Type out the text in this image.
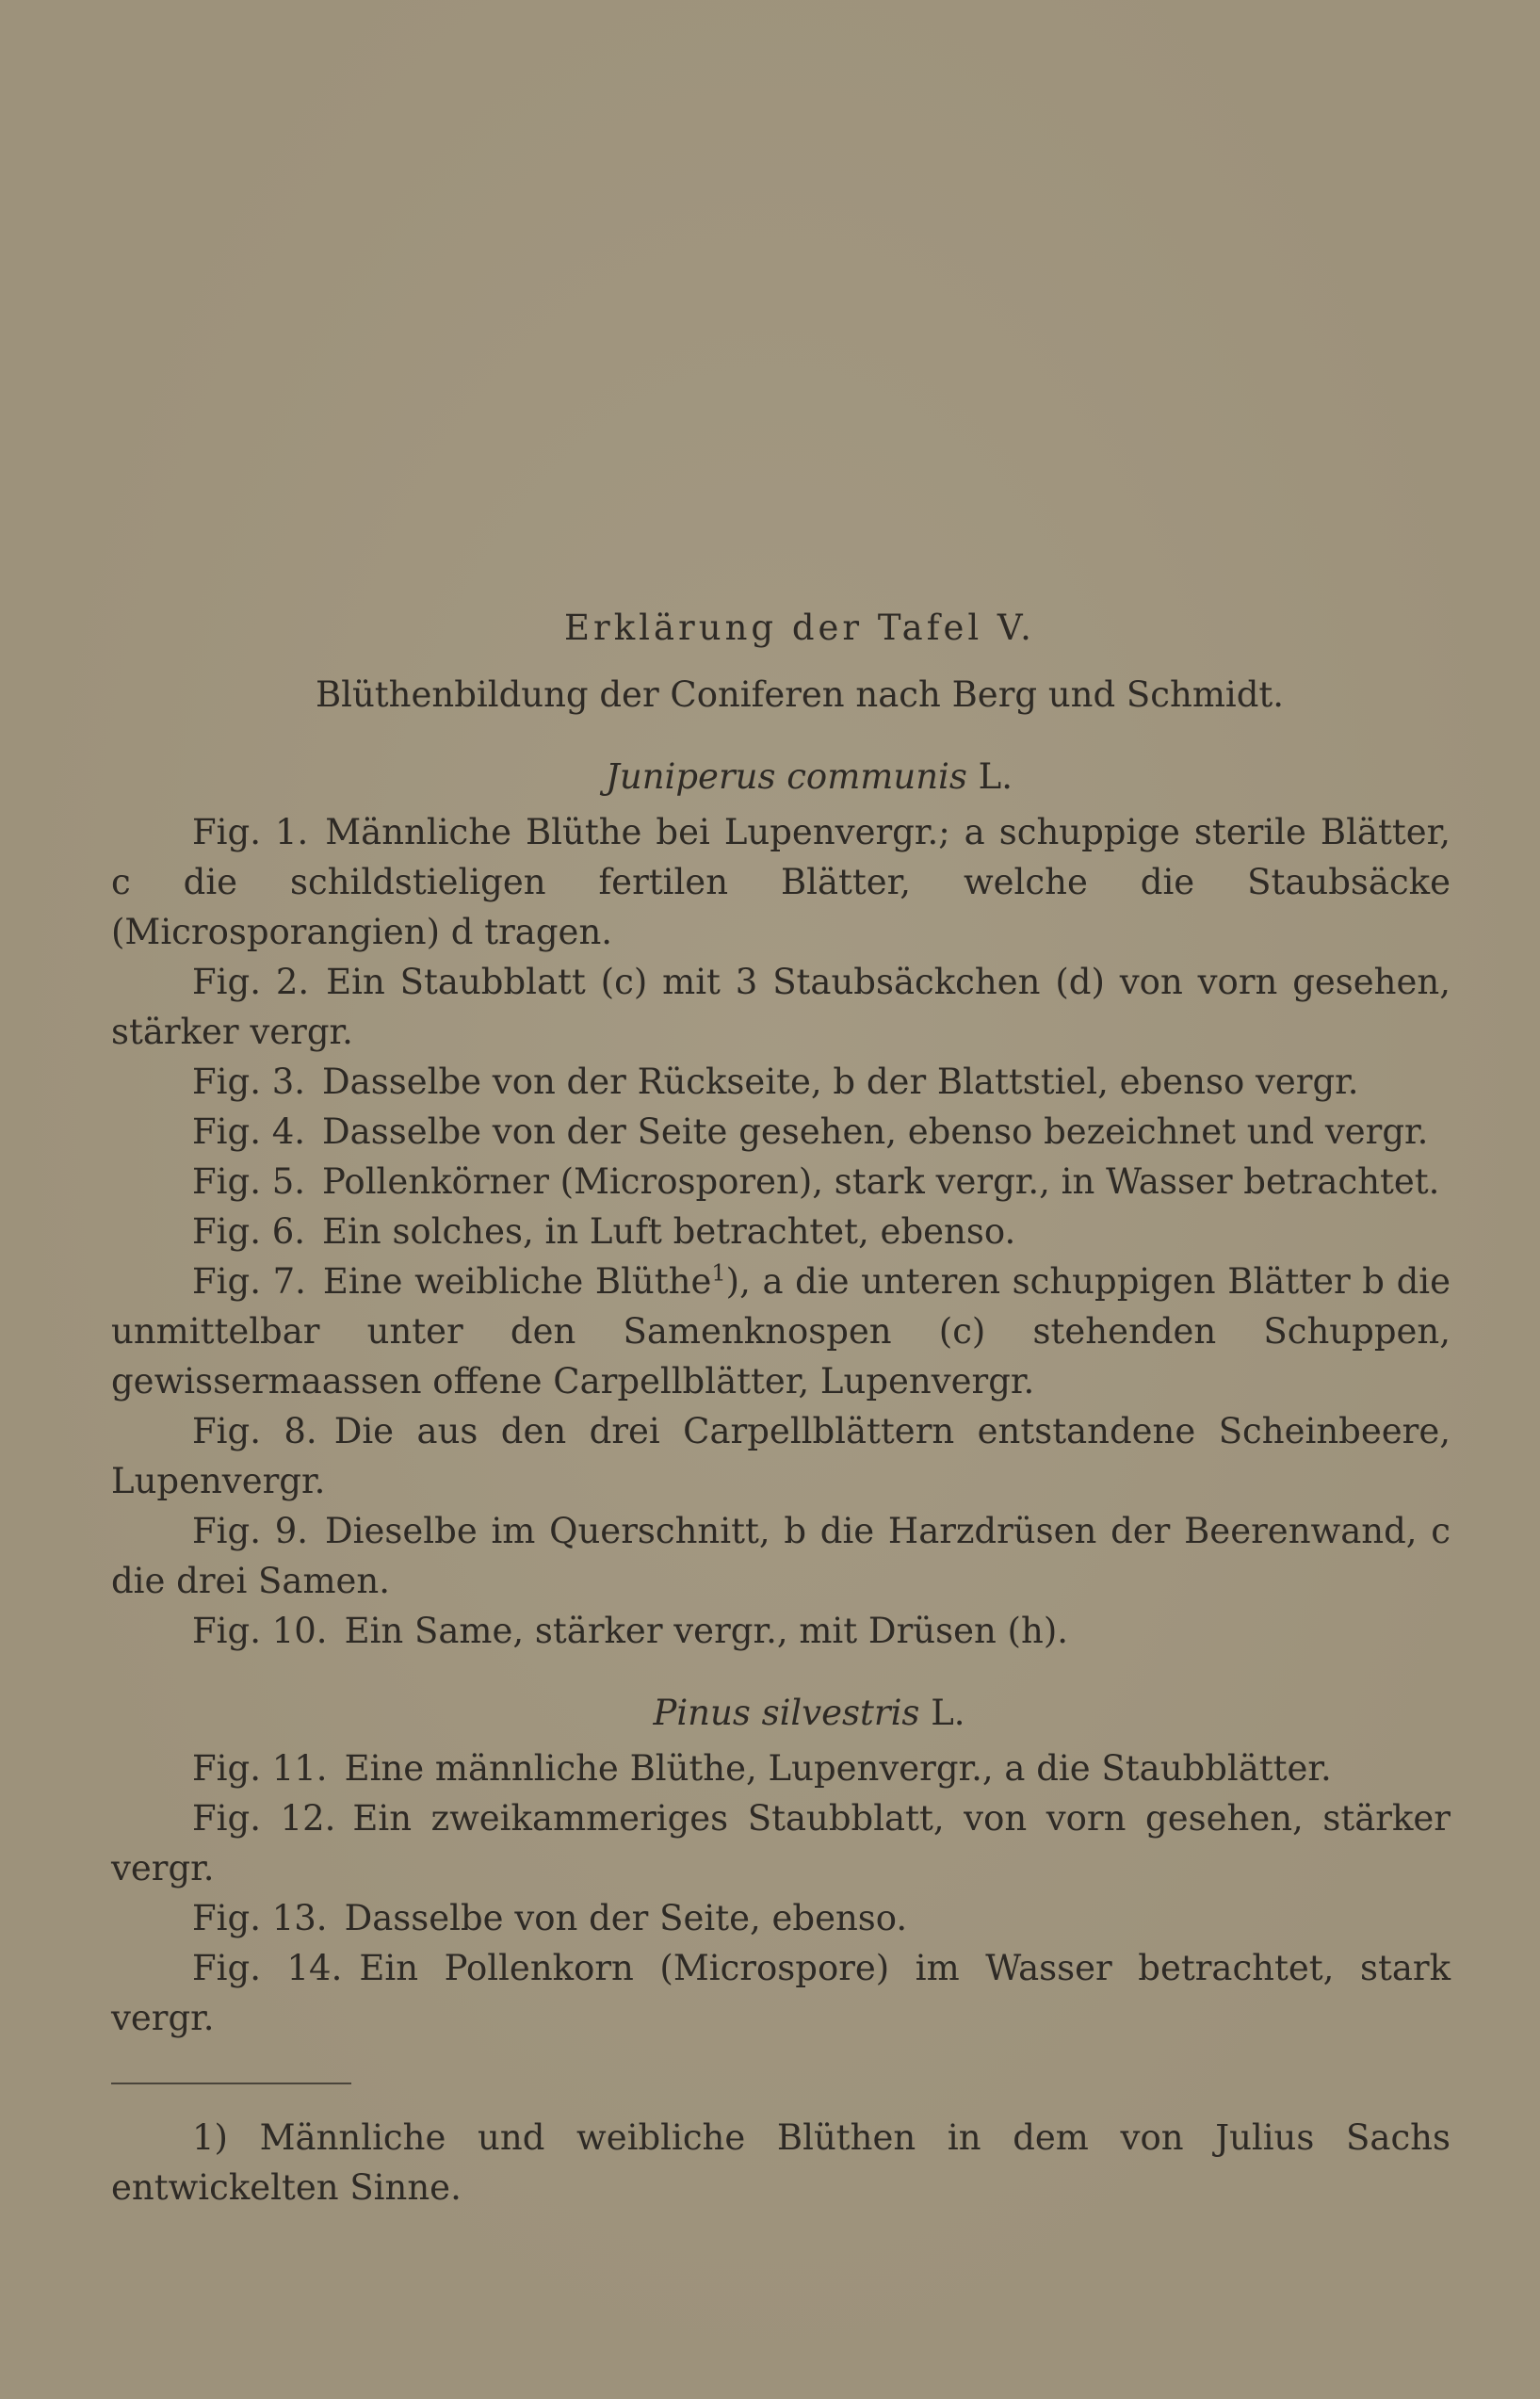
Erklärung der Tafel V.
Blüthenbildung der Coniferen nach Berg und Schmidt.
Juniperus communis L.

Fig. 1. Männliche Blüthe bei Lupenvergr.; a schuppige sterile Blätter, c die schildstieligen fertilen Blätter, welche die Staubsäcke (Microsporangien) d tragen.

Fig. 2. Ein Staubblatt (c) mit 3 Staubsäckchen (d) von vorn gesehen, stärker vergr.

Fig. 3. Dasselbe von der Rückseite, b der Blattstiel, ebenso vergr.

Fig. 4. Dasselbe von der Seite gesehen, ebenso bezeichnet und vergr.

Fig. 5. Pollenkörner (Microsporen), stark vergr., in Wasser betrachtet.

Fig. 6. Ein solches, in Luft betrachtet, ebenso.

Fig. 7. Eine weibliche Blüthe$^1$), a die unteren schuppigen Blätter b die unmittelbar unter den Samenknospen (c) stehenden Schuppen, gewissermaassen offene Carpellblätter, Lupenvergr.

Fig. 8. Die aus den drei Carpellblättern entstandene Scheinbeere, Lupenvergr.

Fig. 9. Dieselbe im Querschnitt, b die Harzdrüsen der Beerenwand, c die drei Samen.

Fig. 10. Ein Same, stärker vergr., mit Drüsen (h).

Pinus silvestris L.

Fig. 11. Eine männliche Blüthe, Lupenvergr., a die Staubblätter.

Fig. 12. Ein zweikammeriges Staubblatt, von vorn gesehen, stärker vergr.

Fig. 13. Dasselbe von der Seite, ebenso.

Fig. 14. Ein Pollenkorn (Microspore) im Wasser betrachtet, stark vergr.

1) Männliche und weibliche Blüthen in dem von Julius Sachs entwickelten Sinne.
